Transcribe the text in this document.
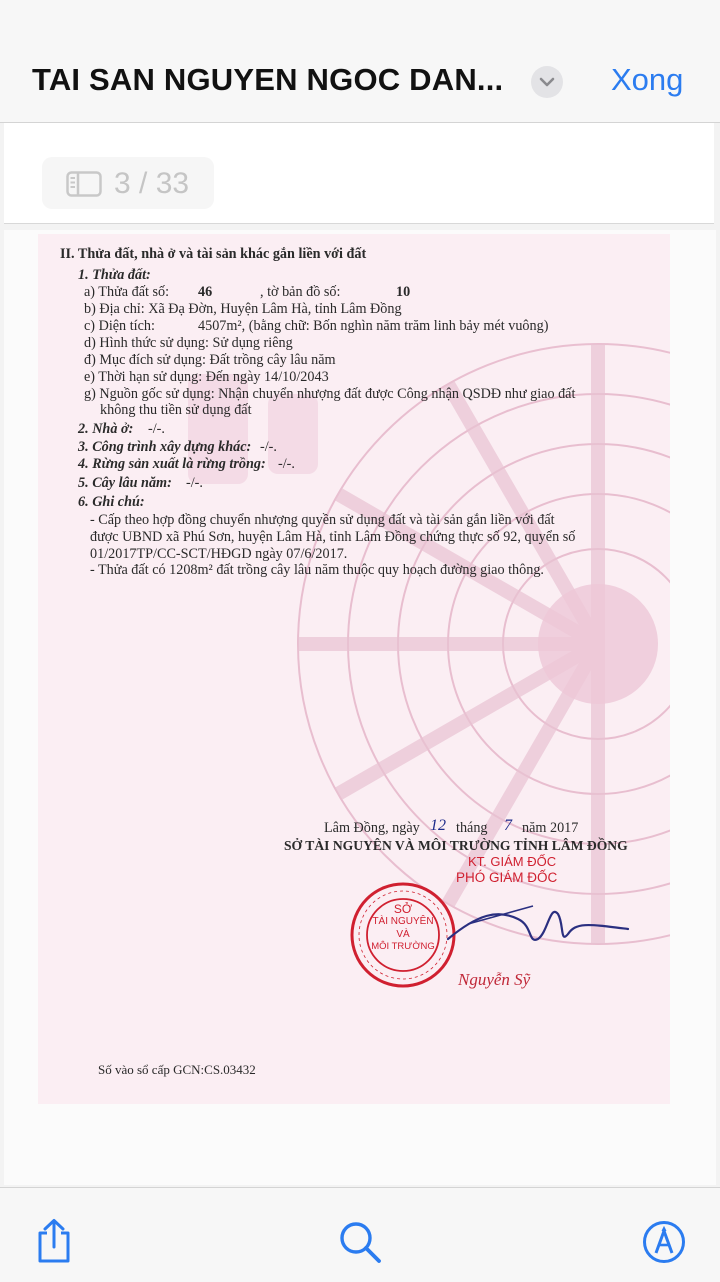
TAI SAN NGUYEN NGOC DAN...	Xong
3 / 33
II. Thửa đất, nhà ở và tài sản khác gắn liền với đất
1. Thửa đất:
a) Thửa đất số: 46	, tờ bản đồ số:	10
b) Địa chỉ: Xã Đạ Đờn, Huyện Lâm Hà, tỉnh Lâm Đồng
c) Diện tích:	4507m², (bằng chữ: Bốn nghìn năm trăm linh bảy mét vuông)
d) Hình thức sử dụng: Sử dụng riêng
đ) Mục đích sử dụng: Đất trồng cây lâu năm
e) Thời hạn sử dụng: Đến ngày 14/10/2043
g) Nguồn gốc sử dụng: Nhận chuyển nhượng đất được Công nhận QSDĐ như giao đất
không thu tiền sử dụng đất
2. Nhà ở: -/-.
3. Công trình xây dựng khác: -/-.
4. Rừng sản xuất là rừng trồng: -/-.
5. Cây lâu năm: -/-.
6. Ghi chú:
- Cấp theo hợp đồng chuyển nhượng quyền sử dụng đất và tài sản gắn liền với đất
được UBND xã Phú Sơn, huyện Lâm Hà, tỉnh Lâm Đồng chứng thực số 92, quyển số
01/2017TP/CC-SCT/HĐGD ngày 07/6/2017.
- Thửa đất có 1208m² đất trồng cây lâu năm thuộc quy hoạch đường giao thông.
Lâm Đồng, ngày 12 tháng 7 năm 2017
SỞ TÀI NGUYÊN VÀ MÔI TRƯỜNG TỈNH LÂM ĐỒNG
KT. GIÁM ĐỐC
PHÓ GIÁM ĐỐC
SỞ
TÀI NGUYÊN
VÀ
MÔI TRƯỜNG
Nguyễn Sỹ
Số vào sổ cấp GCN:CS.03432
